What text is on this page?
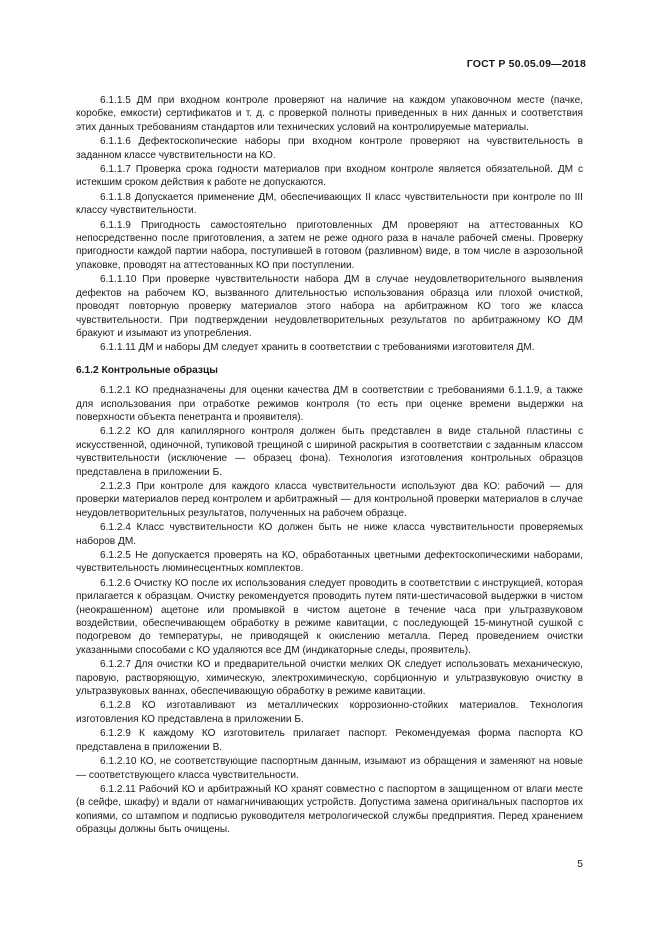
ГОСТ Р 50.05.09—2018

6.1.1.5 ДМ при входном контроле проверяют на наличие на каждом упаковочном месте (пачке, коробке, емкости) сертификатов и т. д. с проверкой полноты приведенных в них данных и соответствия этих данных требованиям стандартов или технических условий на контролируемые материалы.

6.1.1.6 Дефектоскопические наборы при входном контроле проверяют на чувствительность в заданном классе чувствительности на КО.

6.1.1.7 Проверка срока годности материалов при входном контроле является обязательной. ДМ с истекшим сроком действия к работе не допускаются.

6.1.1.8 Допускается применение ДМ, обеспечивающих II класс чувствительности при контроле по III классу чувствительности.

6.1.1.9 Пригодность самостоятельно приготовленных ДМ проверяют на аттестованных КО непосредственно после приготовления, а затем не реже одного раза в начале рабочей смены. Проверку пригодности каждой партии набора, поступившей в готовом (разливном) виде, в том числе в аэрозольной упаковке, проводят на аттестованных КО при поступлении.

6.1.1.10 При проверке чувствительности набора ДМ в случае неудовлетворительного выявления дефектов на рабочем КО, вызванного длительностью использования образца или плохой очисткой, проводят повторную проверку материалов этого набора на арбитражном КО того же класса чувствительности. При подтверждении неудовлетворительных результатов по арбитражному КО ДМ бракуют и изымают из употребления.

6.1.1.11 ДМ и наборы ДМ следует хранить в соответствии с требованиями изготовителя ДМ.

6.1.2 Контрольные образцы

6.1.2.1 КО предназначены для оценки качества ДМ в соответствии с требованиями 6.1.1.9, а также для использования при отработке режимов контроля (то есть при оценке времени выдержки на поверхности объекта пенетранта и проявителя).

6.1.2.2 КО для капиллярного контроля должен быть представлен в виде стальной пластины с искусственной, одиночной, тупиковой трещиной с шириной раскрытия в соответствии с заданным классом чувствительности (исключение — образец фона). Технология изготовления контрольных образцов представлена в приложении Б.

2.1.2.3 При контроле для каждого класса чувствительности используют два КО: рабочий — для проверки материалов перед контролем и арбитражный — для контрольной проверки материалов в случае неудовлетворительных результатов, полученных на рабочем образце.

6.1.2.4 Класс чувствительности КО должен быть не ниже класса чувствительности проверяемых наборов ДМ.

6.1.2.5 Не допускается проверять на КО, обработанных цветными дефектоскопическими наборами, чувствительность люминесцентных комплектов.

6.1.2.6 Очистку КО после их использования следует проводить в соответствии с инструкцией, которая прилагается к образцам. Очистку рекомендуется проводить путем пяти-шестичасовой выдержки в чистом (неокрашенном) ацетоне или промывкой в чистом ацетоне в течение часа при ультразвуковом воздействии, обеспечивающем обработку в режиме кавитации, с последующей 15-минутной сушкой с подогревом до температуры, не приводящей к окислению металла. Перед проведением очистки указанными способами с КО удаляются все ДМ (индикаторные следы, проявитель).

6.1.2.7 Для очистки КО и предварительной очистки мелких ОК следует использовать механическую, паровую, растворяющую, химическую, электрохимическую, сорбционную и ультразвуковую очистку в ультразвуковых ваннах, обеспечивающую обработку в режиме кавитации.

6.1.2.8 КО изготавливают из металлических коррозионно-стойких материалов. Технология изготовления КО представлена в приложении Б.

6.1.2.9 К каждому КО изготовитель прилагает паспорт. Рекомендуемая форма паспорта КО представлена в приложении В.

6.1.2.10 КО, не соответствующие паспортным данным, изымают из обращения и заменяют на новые — соответствующего класса чувствительности.

6.1.2.11 Рабочий КО и арбитражный КО хранят совместно с паспортом в защищенном от влаги месте (в сейфе, шкафу) и вдали от намагничивающих устройств. Допустима замена оригинальных паспортов их копиями, со штампом и подписью руководителя метрологической службы предприятия. Перед хранением образцы должны быть очищены.

5
